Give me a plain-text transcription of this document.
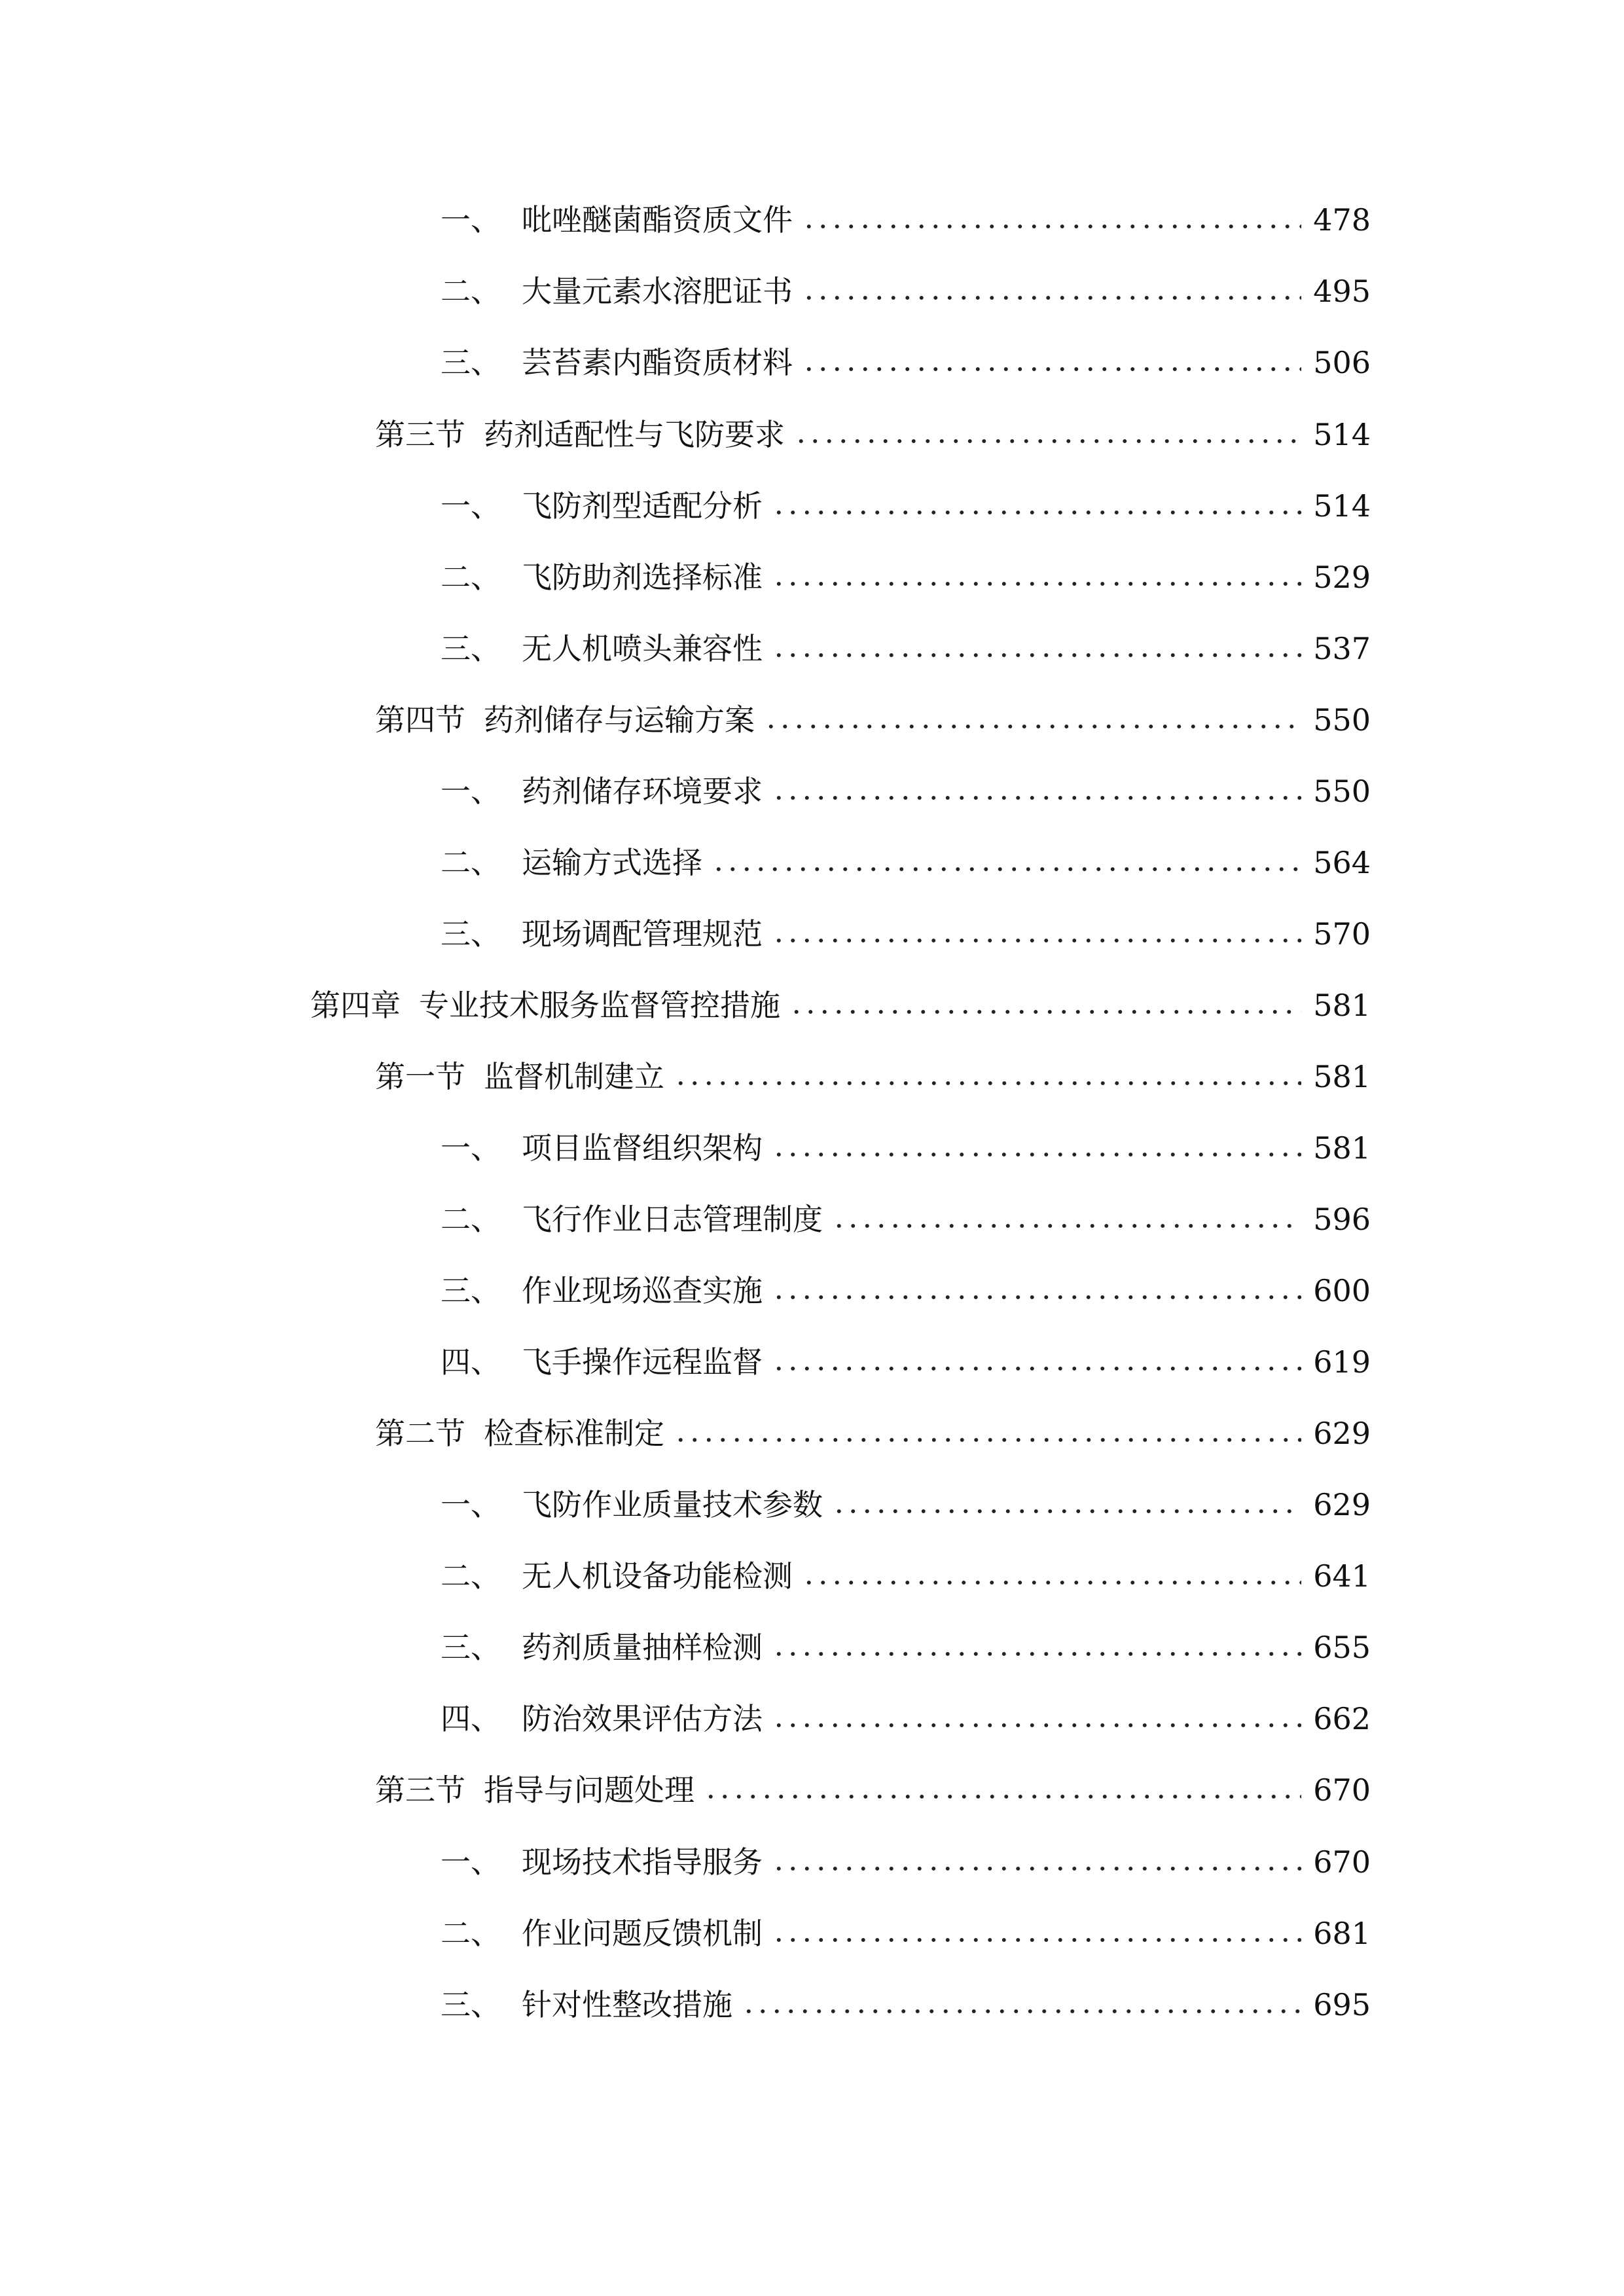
一、 吡唑醚菌酯资质文件	478
二、 大量元素水溶肥证书	495
三、 芸苔素内酯资质材料	506
第三节 药剂适配性与飞防要求	514
一、 飞防剂型适配分析	514
二、 飞防助剂选择标准	529
三、 无人机喷头兼容性	537
第四节 药剂储存与运输方案	550
一、 药剂储存环境要求	550
二、 运输方式选择	564
三、 现场调配管理规范	570
第四章 专业技术服务监督管控措施	581
第一节 监督机制建立	581
一、 项目监督组织架构	581
二、 飞行作业日志管理制度	596
三、 作业现场巡查实施	600
四、 飞手操作远程监督	619
第二节 检查标准制定	629
一、 飞防作业质量技术参数	629
二、 无人机设备功能检测	641
三、 药剂质量抽样检测	655
四、 防治效果评估方法	662
第三节 指导与问题处理	670
一、 现场技术指导服务	670
二、 作业问题反馈机制	681
三、 针对性整改措施	695
